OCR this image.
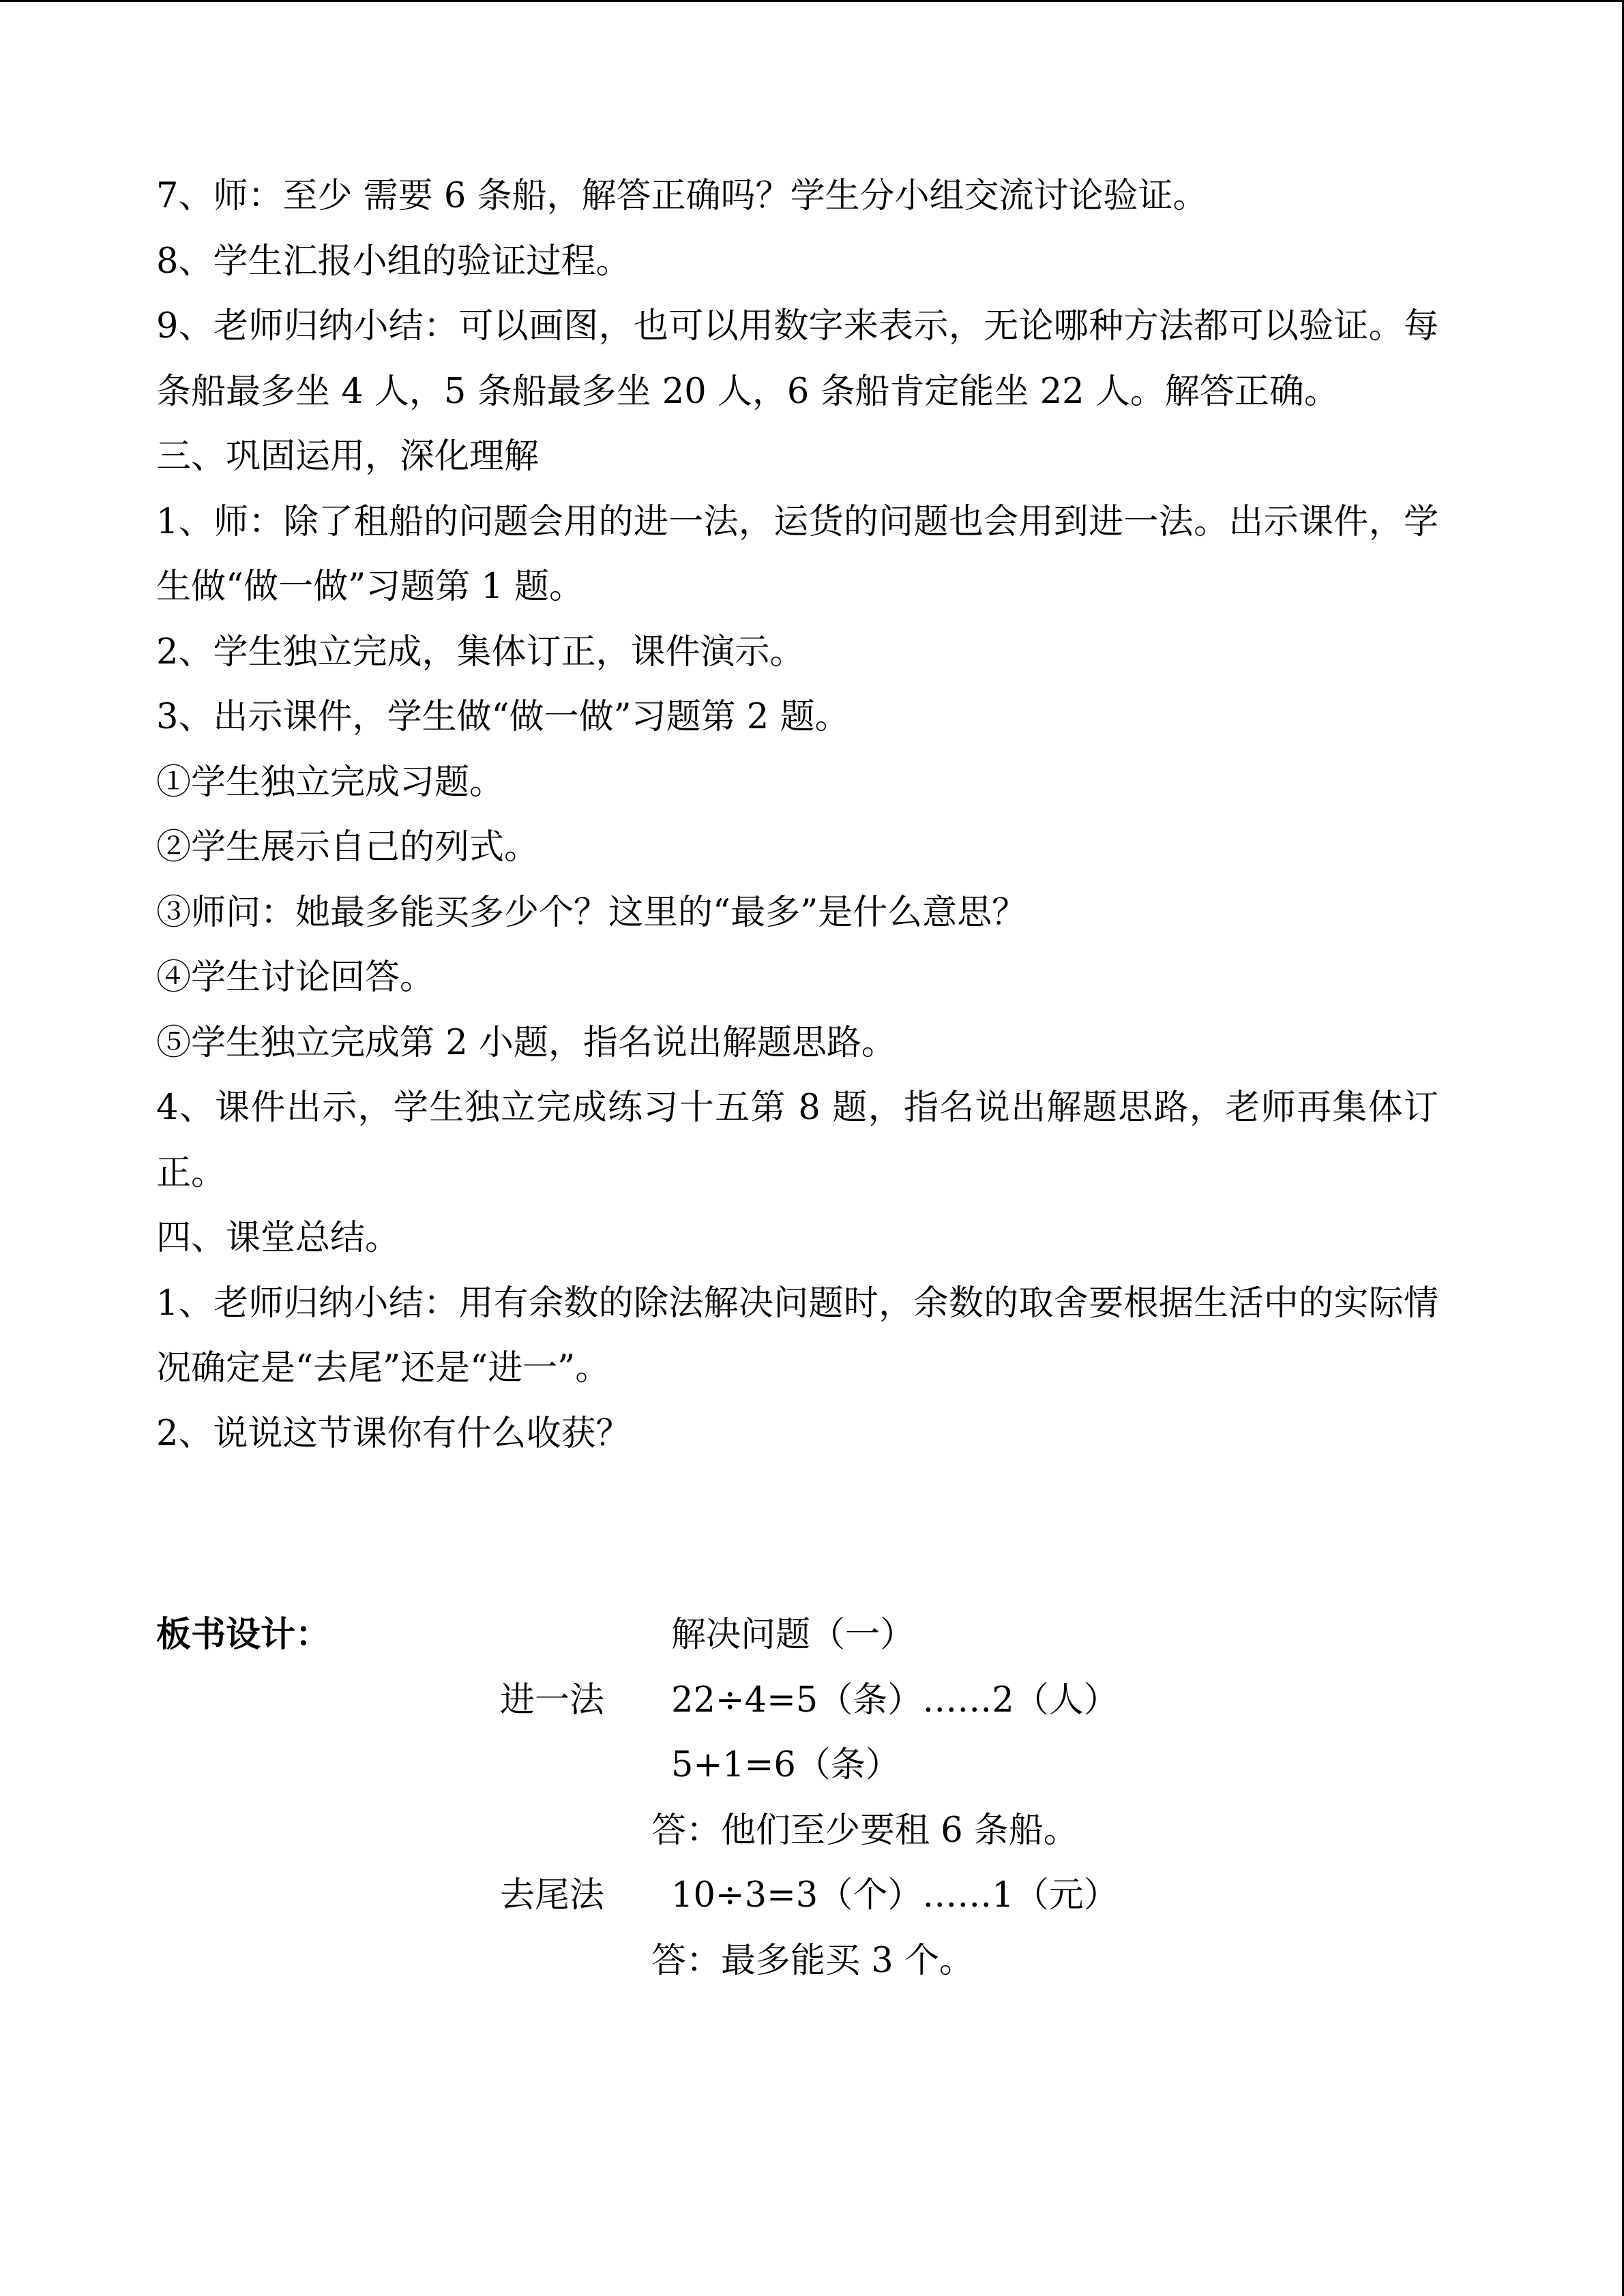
7、师：至少 需要 6 条船，解答正确吗？学生分小组交流讨论验证。

8、学生汇报小组的验证过程。

9、老师归纳小结：可以画图，也可以用数字来表示，无论哪种方法都可以验证。每条船最多坐 4 人，5 条船最多坐 20 人，6 条船肯定能坐 22 人。解答正确。

三、巩固运用，深化理解

1、师：除了租船的问题会用的进一法，运货的问题也会用到进一法。出示课件，学生做“做一做”习题第 1 题。

2、学生独立完成，集体订正，课件演示。

3、出示课件，学生做“做一做”习题第 2 题。

①学生独立完成习题。

②学生展示自己的列式。

③师问：她最多能买多少个？这里的“最多”是什么意思？

④学生讨论回答。

⑤学生独立完成第 2 小题，指名说出解题思路。

4、课件出示，学生独立完成练习十五第 8 题，指名说出解题思路，老师再集体订正。

四、课堂总结。

1、老师归纳小结：用有余数的除法解决问题时，余数的取舍要根据生活中的实际情况确定是“去尾”还是“进一”。

2、说说这节课你有什么收获？

板书设计：	解决问题（一）
进一法 22÷4=5（条）……2（人）
5+1=6（条）
答：他们至少要租 6 条船。
去尾法 10÷3=3（个）……1（元）
答：最多能买 3 个。
